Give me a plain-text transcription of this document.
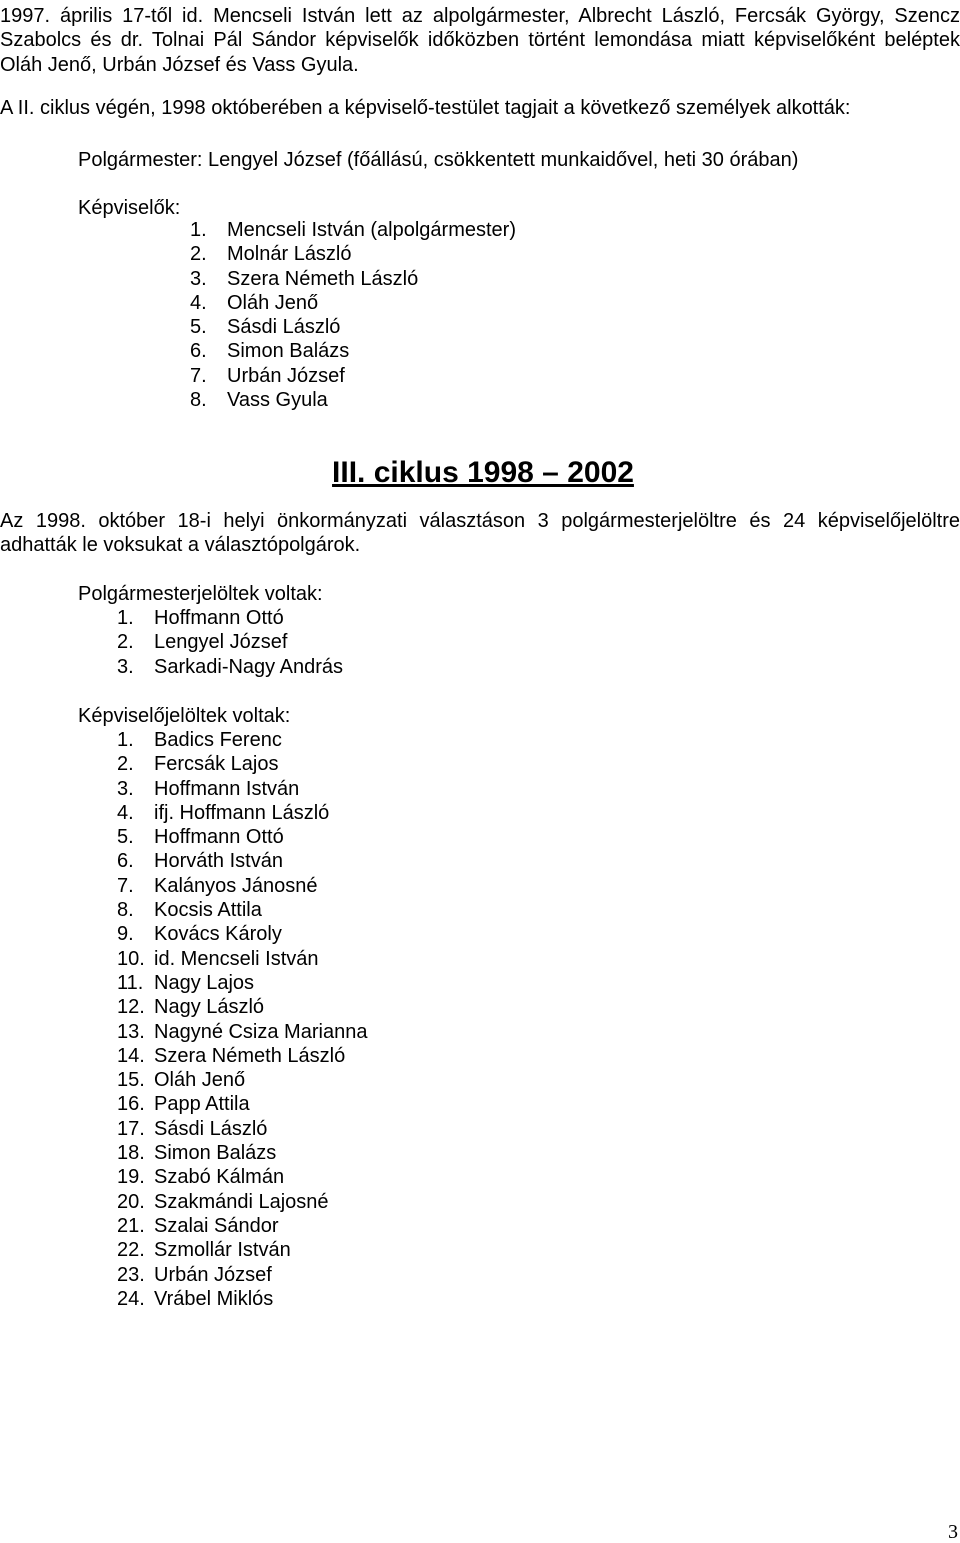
1997. április 17-től id. Mencseli István lett az alpolgármester, Albrecht László, Fercsák György, Szencz Szabolcs és dr. Tolnai Pál Sándor képviselők időközben történt lemondása miatt képviselőként beléptek Oláh Jenő, Urbán József és Vass Gyula.

A II. ciklus végén, 1998 októberében a képviselő-testület tagjait a következő személyek alkották:

Polgármester: Lengyel József (főállású, csökkentett munkaidővel, heti 30 órában)

Képviselők:

1. Mencseli István (alpolgármester)
2. Molnár László
3. Szera Németh László
4. Oláh Jenő
5. Sásdi László
6. Simon Balázs
7. Urbán József
8. Vass Gyula
III. ciklus 1998 – 2002

Az 1998. október 18-i helyi önkormányzati választáson 3 polgármesterjelöltre és 24 képviselőjelöltre adhatták le voksukat a választópolgárok.

Polgármesterjelöltek voltak:

1. Hoffmann Ottó
2. Lengyel József
3. Sarkadi-Nagy András

Képviselőjelöltek voltak:

1. Badics Ferenc
2. Fercsák Lajos
3. Hoffmann István
4. ifj. Hoffmann László
5. Hoffmann Ottó
6. Horváth István
7. Kalányos Jánosné
8. Kocsis Attila
9. Kovács Károly
10. id. Mencseli István
11. Nagy Lajos
12. Nagy László
13. Nagyné Csiza Marianna
14. Szera Németh László
15. Oláh Jenő
16. Papp Attila
17. Sásdi László
18. Simon Balázs
19. Szabó Kálmán
20. Szakmándi Lajosné
21. Szalai Sándor
22. Szmollár István
23. Urbán József
24. Vrábel Miklós
3
